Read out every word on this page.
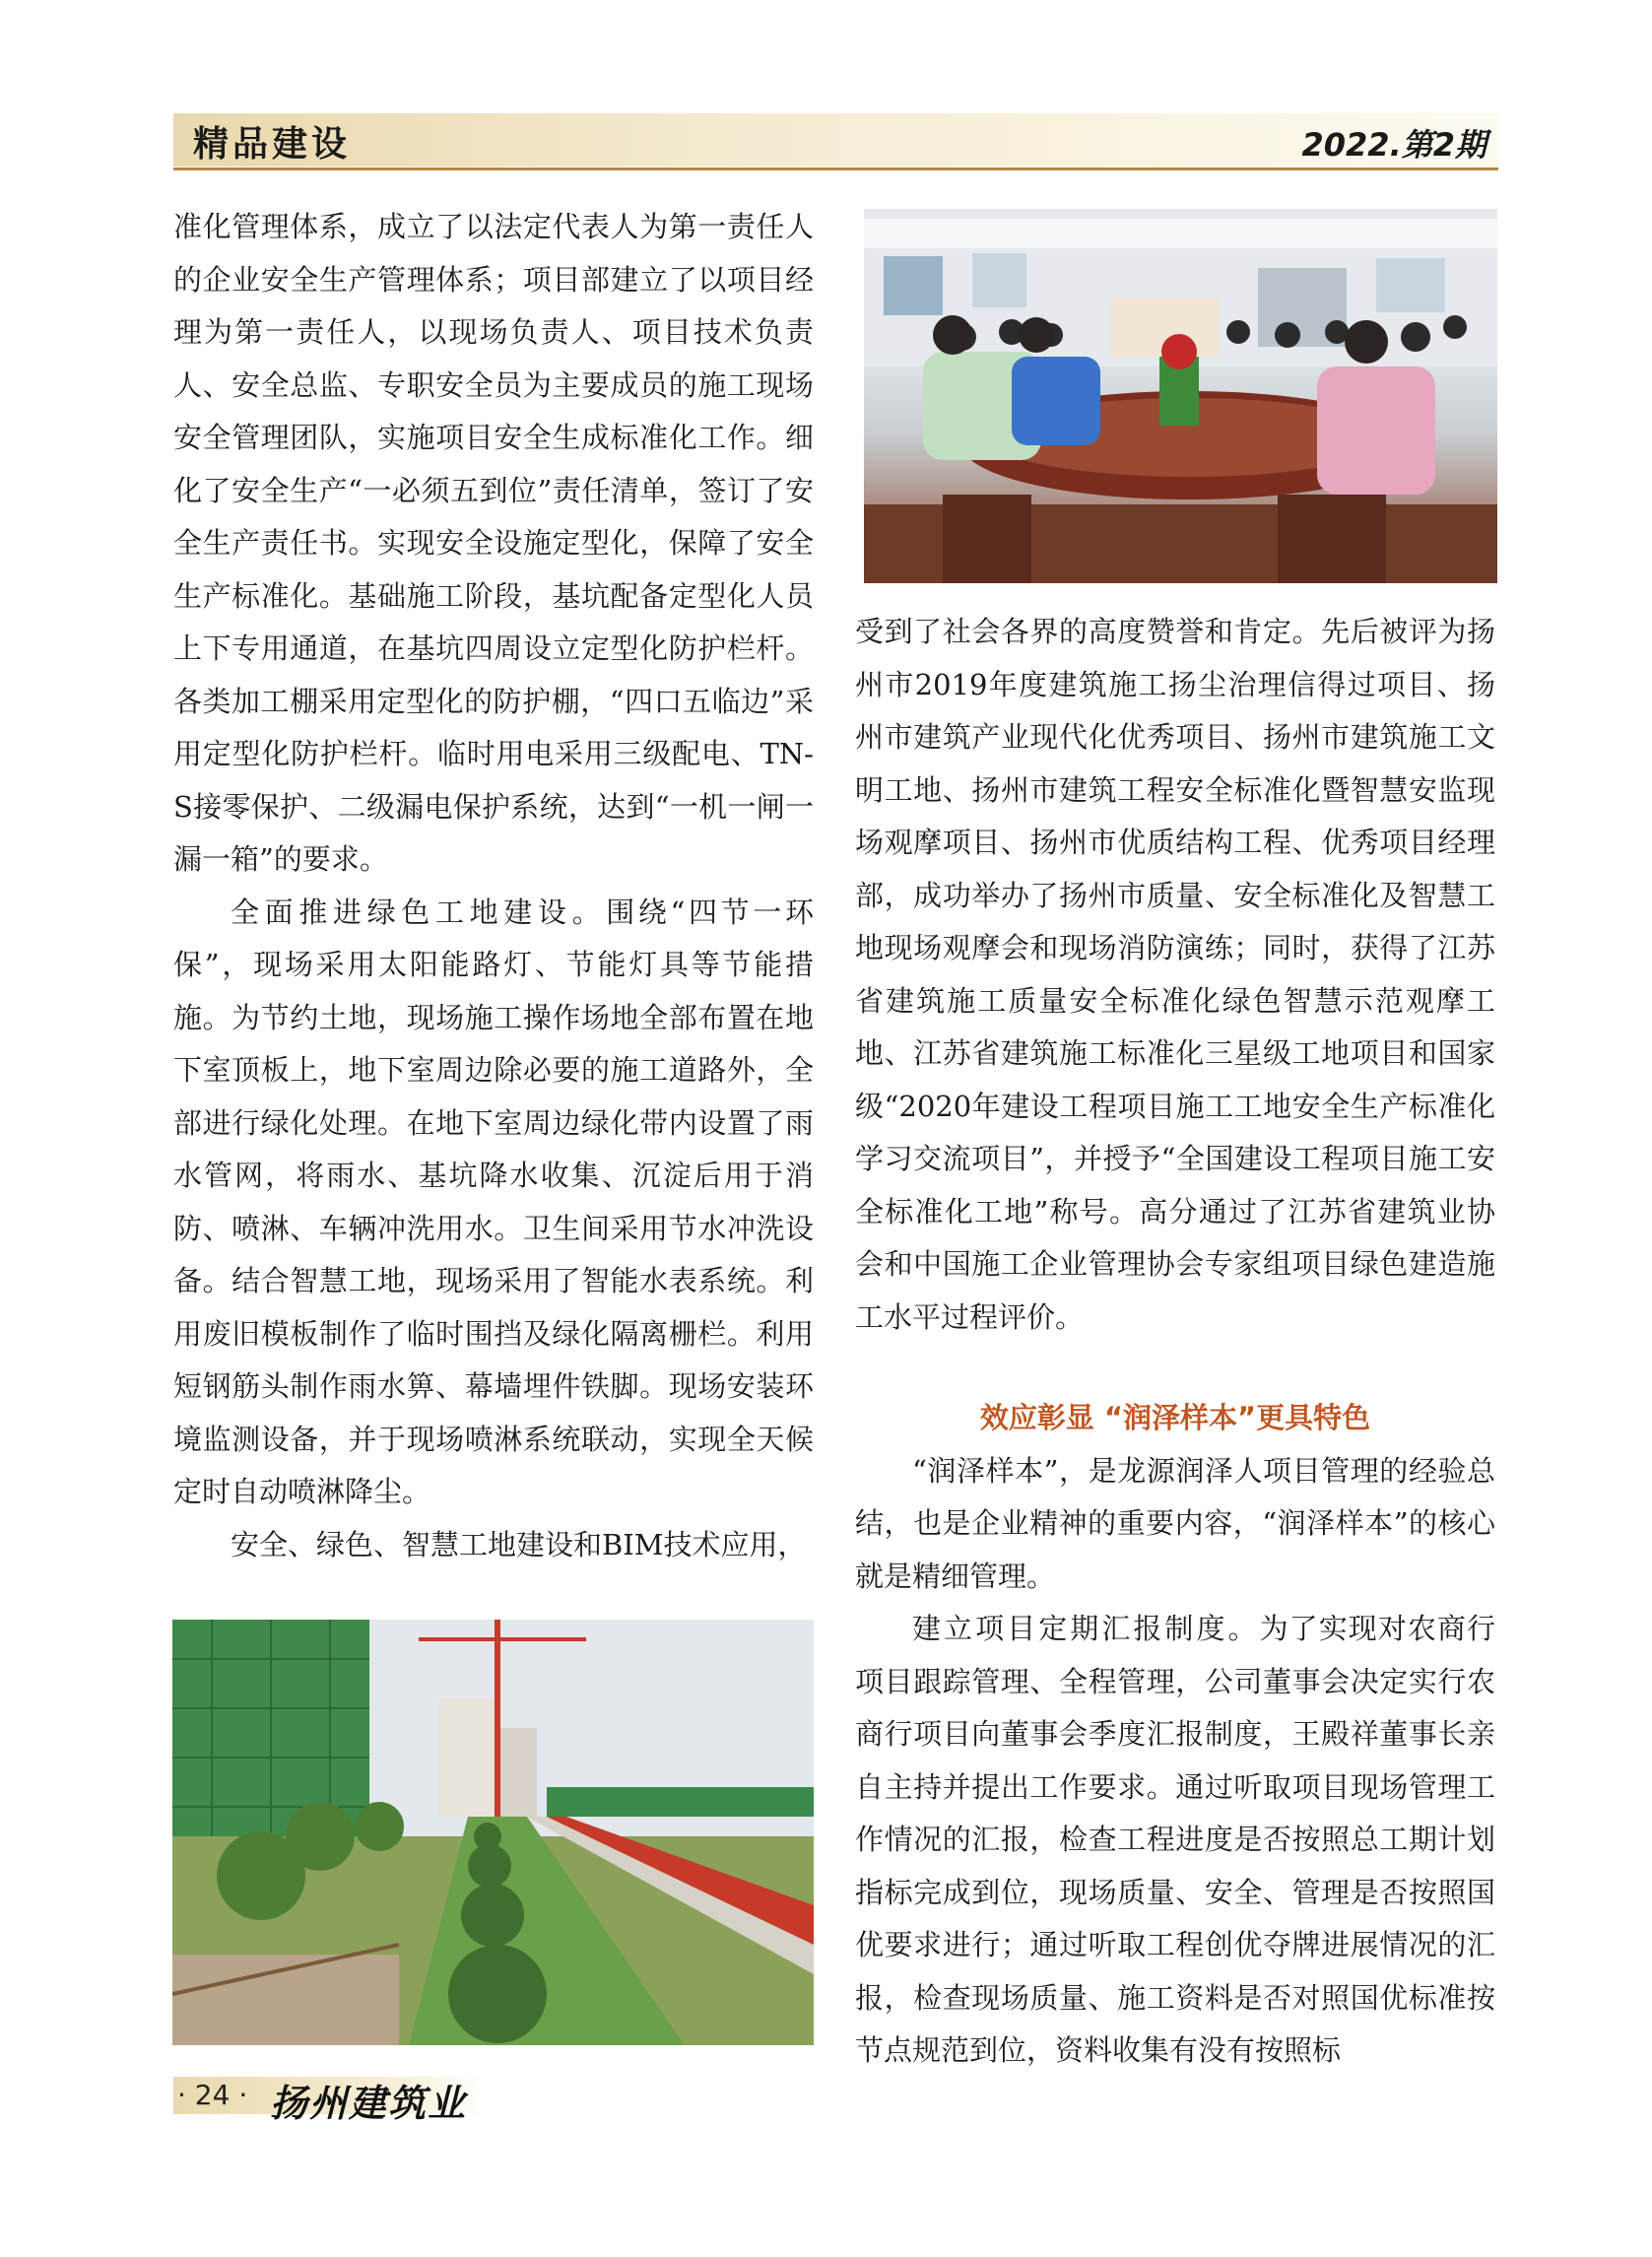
精品建设	2022.第2期

准化管理体系，成立了以法定代表人为第一责任人的企业安全生产管理体系；项目部建立了以项目经理为第一责任人，以现场负责人、项目技术负责人、安全总监、专职安全员为主要成员的施工现场安全管理团队，实施项目安全生成标准化工作。细化了安全生产“一必须五到位”责任清单，签订了安全生产责任书。实现安全设施定型化，保障了安全生产标准化。基础施工阶段，基坑配备定型化人员上下专用通道，在基坑四周设立定型化防护栏杆。各类加工棚采用定型化的防护棚，“四口五临边”采用定型化防护栏杆。临时用电采用三级配电、TN-S接零保护、二级漏电保护系统，达到“一机一闸一漏一箱”的要求。

全面推进绿色工地建设。围绕“四节一环保”，现场采用太阳能路灯、节能灯具等节能措施。为节约土地，现场施工操作场地全部布置在地下室顶板上，地下室周边除必要的施工道路外，全部进行绿化处理。在地下室周边绿化带内设置了雨水管网，将雨水、基坑降水收集、沉淀后用于消防、喷淋、车辆冲洗用水。卫生间采用节水冲洗设备。结合智慧工地，现场采用了智能水表系统。利用废旧模板制作了临时围挡及绿化隔离栅栏。利用短钢筋头制作雨水箅、幕墙埋件铁脚。现场安装环境监测设备，并于现场喷淋系统联动，实现全天候定时自动喷淋降尘。

安全、绿色、智慧工地建设和BIM技术应用，

受到了社会各界的高度赞誉和肯定。先后被评为扬州市2019年度建筑施工扬尘治理信得过项目、扬州市建筑产业现代化优秀项目、扬州市建筑施工文明工地、扬州市建筑工程安全标准化暨智慧安监现场观摩项目、扬州市优质结构工程、优秀项目经理部，成功举办了扬州市质量、安全标准化及智慧工地现场观摩会和现场消防演练；同时，获得了江苏省建筑施工质量安全标准化绿色智慧示范观摩工地、江苏省建筑施工标准化三星级工地项目和国家级“2020年建设工程项目施工工地安全生产标准化学习交流项目”，并授予“全国建设工程项目施工安全标准化工地”称号。高分通过了江苏省建筑业协会和中国施工企业管理协会专家组项目绿色建造施工水平过程评价。

效应彰显 “润泽样本”更具特色

“润泽样本”，是龙源润泽人项目管理的经验总结，也是企业精神的重要内容，“润泽样本”的核心就是精细管理。

建立项目定期汇报制度。为了实现对农商行项目跟踪管理、全程管理，公司董事会决定实行农商行项目向董事会季度汇报制度，王殿祥董事长亲自主持并提出工作要求。通过听取项目现场管理工作情况的汇报，检查工程进度是否按照总工期计划指标完成到位，现场质量、安全、管理是否按照国优要求进行；通过听取工程创优夺牌进展情况的汇报，检查现场质量、施工资料是否对照国优标准按节点规范到位，资料收集有没有按照标

· 24 · 扬州建筑业
